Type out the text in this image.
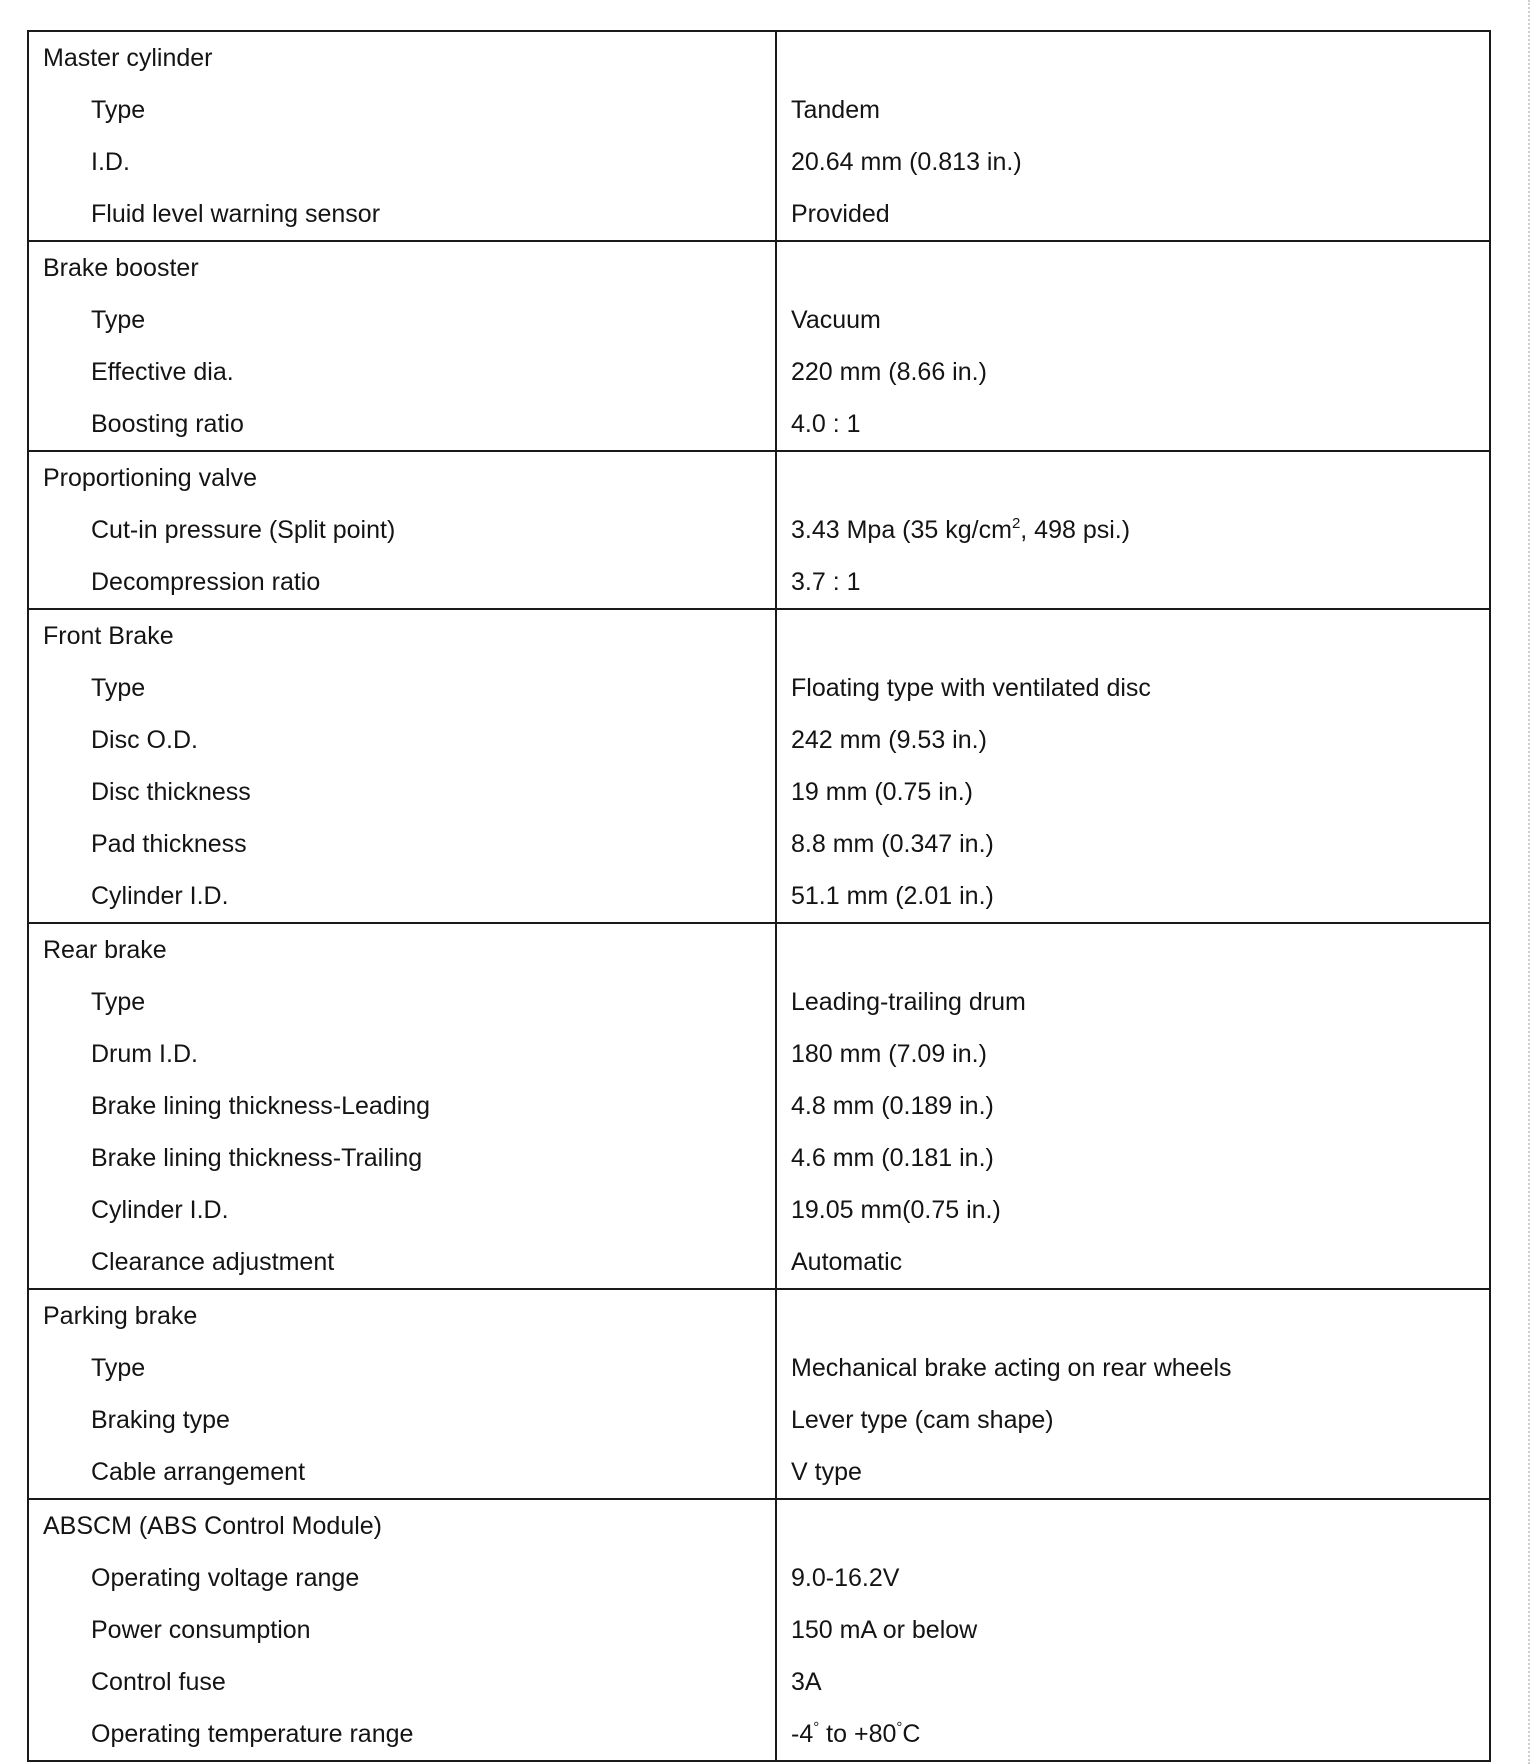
Master cylinder
Type
I.D.
Fluid level warning sensor
Tandem
20.64 mm (0.813 in.)
Provided
Brake booster
Type
Effective dia.
Boosting ratio
Vacuum
220 mm (8.66 in.)
4.0 : 1
Proportioning valve
Cut-in pressure (Split point)
Decompression ratio
3.43 Mpa (35 $kg/cm^2$, 498 psi.)
3.7 : 1
Front Brake
Type
Disc O.D.
Disc thickness
Pad thickness
Cylinder I.D.
Floating type with ventilated disc
242 mm (9.53 in.)
19 mm (0.75 in.)
8.8 mm (0.347 in.)
51.1 mm (2.01 in.)
Rear brake
Type
Drum I.D.
Brake lining thickness-Leading
Brake lining thickness-Trailing
Cylinder I.D.
Clearance adjustment
Leading-trailing drum
180 mm (7.09 in.)
4.8 mm (0.189 in.)
4.6 mm (0.181 in.)
19.05 mm(0.75 in.)
Automatic
Parking brake
Type
Braking type
Cable arrangement
Mechanical brake acting on rear wheels
Lever type (cam shape)
V type
ABSCM (ABS Control Module)
Operating voltage range
Power consumption
Control fuse
Operating temperature range
9.0-16.2V
150 mA or below
3A
-4° to +80°C
